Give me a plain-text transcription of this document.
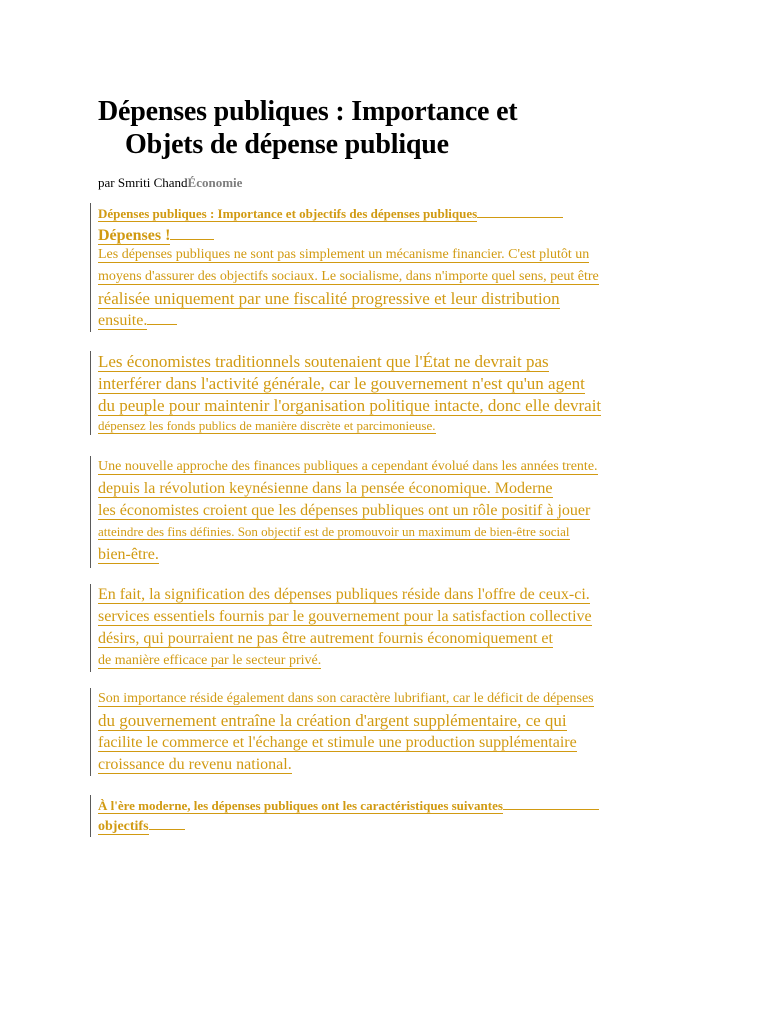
Dépenses publiques : Importance et
Objets de dépense publique
par Smriti ChandÉconomie
Dépenses publiques : Importance et objectifs des dépenses publiques
Dépenses !
Les dépenses publiques ne sont pas simplement un mécanisme financier. C'est plutôt un
moyens d'assurer des objectifs sociaux. Le socialisme, dans n'importe quel sens, peut être
réalisée uniquement par une fiscalité progressive et leur distribution
ensuite.
Les économistes traditionnels soutenaient que l'État ne devrait pas
interférer dans l'activité générale, car le gouvernement n'est qu'un agent
du peuple pour maintenir l'organisation politique intacte, donc elle devrait
dépensez les fonds publics de manière discrète et parcimonieuse.
Une nouvelle approche des finances publiques a cependant évolué dans les années trente.
depuis la révolution keynésienne dans la pensée économique. Moderne
les économistes croient que les dépenses publiques ont un rôle positif à jouer
atteindre des fins définies. Son objectif est de promouvoir un maximum de bien-être social
bien-être.
En fait, la signification des dépenses publiques réside dans l'offre de ceux-ci.
services essentiels fournis par le gouvernement pour la satisfaction collective
désirs, qui pourraient ne pas être autrement fournis économiquement et
de manière efficace par le secteur privé.
Son importance réside également dans son caractère lubrifiant, car le déficit de dépenses
du gouvernement entraîne la création d'argent supplémentaire, ce qui
facilite le commerce et l'échange et stimule une production supplémentaire
croissance du revenu national.
À l'ère moderne, les dépenses publiques ont les caractéristiques suivantes
objectifs
